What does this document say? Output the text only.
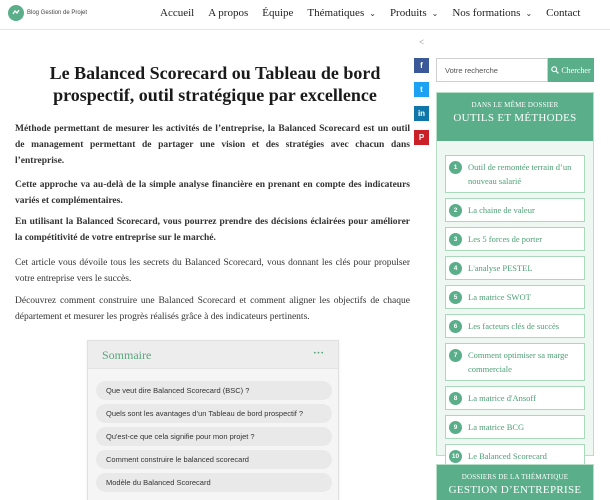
Blog Gestion de Projet	Accueil A propos Équipe Thématiques ⌄ Produits ⌄ Nos formations ⌄ Contact
<
f
t
in
P
Le Balanced Scorecard ou Tableau de bord prospectif, outil stratégique par excellence

Méthode permettant de mesurer les activités de l’entreprise, la Balanced Scorecard est un outil de management permettant de partager une vision et des stratégies avec chacun dans l’entreprise.

Cette approche va au-delà de la simple analyse financière en prenant en compte des indicateurs variés et complémentaires.

En utilisant la Balanced Scorecard, vous pourrez prendre des décisions éclairées pour améliorer la compétitivité de votre entreprise sur le marché.

Cet article vous dévoile tous les secrets du Balanced Scorecard, vous donnant les clés pour propulser votre entreprise vers le succès.

Découvrez comment construire une Balanced Scorecard et comment aligner les objectifs de chaque département et mesurer les progrès réalisés grâce à des indicateurs pertinents.

Sommaire	···
Que veut dire Balanced Scorecard (BSC) ?
Quels sont les avantages d’un Tableau de bord prospectif ?
Qu'est-ce que cela signifie pour mon projet ?
Comment construire le balanced scorecard
Modèle du Balanced Scorecard
Votre recherche
Chercher
DANS LE MÊME DOSSIER
OUTILS ET MÉTHODES
1	Outil de remontée terrain d’un nouveau salarié
2	La chaine de valeur
3	Les 5 forces de porter
4	L'analyse PESTEL
5	La matrice SWOT
6	Les facteurs clés de succès
7	Comment optimiser sa marge commerciale
8	La matrice d'Ansoff
9	La matrice BCG
10	Le Balanced Scorecard
DOSSIERS DE LA THÉMATIQUE
GESTION D’ENTREPRISE
